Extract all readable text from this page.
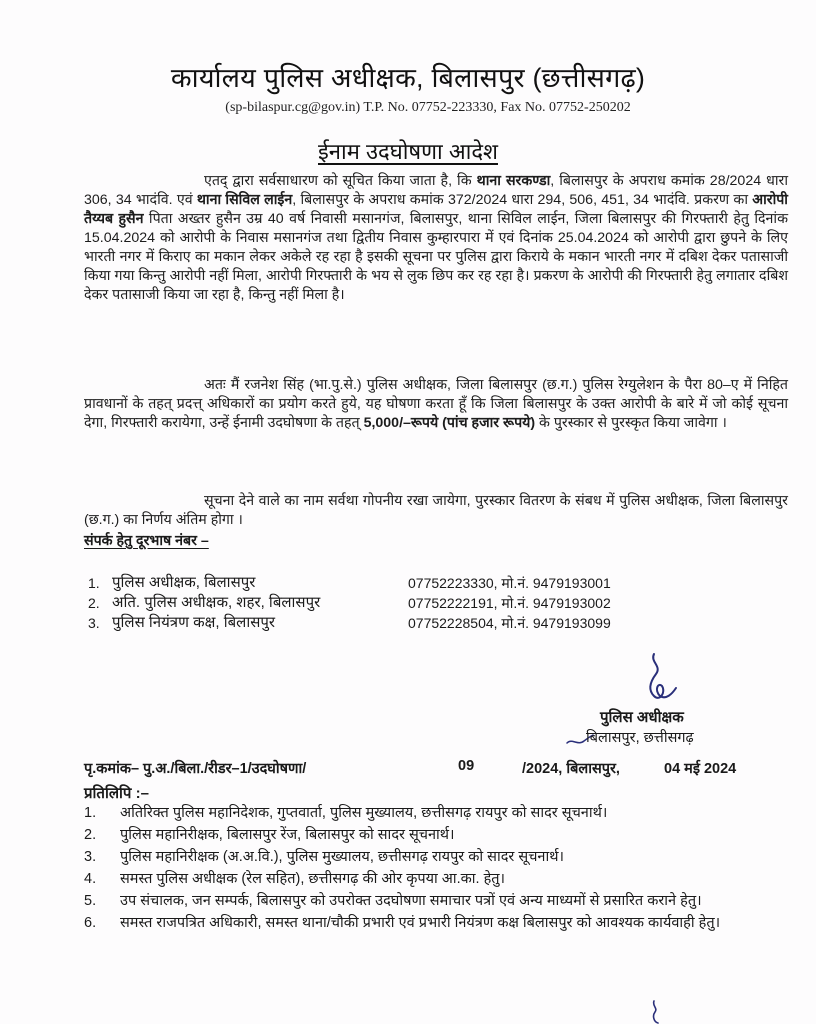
कार्यालय पुलिस अधीक्षक, बिलासपुर (छत्तीसगढ़)
(sp-bilaspur.cg@gov.in) T.P. No. 07752-223330, Fax No. 07752-250202
ईनाम उदघोषणा आदेश
एतद् द्वारा सर्वसाधारण को सूचित किया जाता है, कि थाना सरकण्डा, बिलासपुर के अपराध कमांक 28/2024 धारा 306, 34 भादंवि. एवं थाना सिविल लाईन, बिलासपुर के अपराध कमांक 372/2024 धारा 294, 506, 451, 34 भादंवि. प्रकरण का आरोपी तैय्यब हुसैन पिता अख्तर हुसैन उम्र 40 वर्ष निवासी मसानगंज, बिलासपुर, थाना सिविल लाईन, जिला बिलासपुर की गिरफ्तारी हेतु दिनांक 15.04.2024 को आरोपी के निवास मसानगंज तथा द्वितीय निवास कुम्हारपारा में एवं दिनांक 25.04.2024 को आरोपी द्वारा छुपने के लिए भारती नगर में किराए का मकान लेकर अकेले रह रहा है इसकी सूचना पर पुलिस द्वारा किराये के मकान भारती नगर में दबिश देकर पतासाजी किया गया किन्तु आरोपी नहीं मिला, आरोपी गिरफ्तारी के भय से लुक छिप कर रह रहा है। प्रकरण के आरोपी की गिरफ्तारी हेतु लगातार दबिश देकर पतासाजी किया जा रहा है, किन्तु नहीं मिला है।
अतः मैं रजनेश सिंह (भा.पु.से.) पुलिस अधीक्षक, जिला बिलासपुर (छ.ग.) पुलिस रेग्युलेशन के पैरा 80–ए में निहित प्रावधानों के तहत् प्रदत्त् अधिकारों का प्रयोग करते हुये, यह घोषणा करता हूँ कि जिला बिलासपुर के उक्त आरोपी के बारे में जो कोई सूचना देगा, गिरफ्तारी करायेगा, उन्हें ईनामी उदघोषणा के तहत् 5,000/–रूपये (पांच हजार रूपये) के पुरस्कार से पुरस्कृत किया जावेगा ।
सूचना देने वाले का नाम सर्वथा गोपनीय रखा जायेगा, पुरस्कार वितरण के संबध में पुलिस अधीक्षक, जिला बिलासपुर (छ.ग.) का निर्णय अंतिम होगा ।
संपर्क हेतु दूरभाष नंबर –
1. पुलिस अधीक्षक, बिलासपुर	07752223330, मो.नं. 9479193001
2. अति. पुलिस अधीक्षक, शहर, बिलासपुर	07752222191, मो.नं. 9479193002
3. पुलिस नियंत्रण कक्ष, बिलासपुर	07752228504, मो.नं. 9479193099
पुलिस अधीक्षक
बिलासपुर, छत्तीसगढ़
पृ.कमांक– पु.अ./बिला./रीडर–1/उदघोषणा/	09	/2024, बिलासपुर,	04 मई 2024
प्रतिलिपि :–
1.	अतिरिक्त पुलिस महानिदेशक, गुप्तवार्ता, पुलिस मुख्यालय, छत्तीसगढ़ रायपुर को सादर सूचनार्थ।
2.	पुलिस महानिरीक्षक, बिलासपुर रेंज, बिलासपुर को सादर सूचनार्थ।
3.	पुलिस महानिरीक्षक (अ.अ.वि.), पुलिस मुख्यालय, छत्तीसगढ़ रायपुर को सादर सूचनार्थ।
4.	समस्त पुलिस अधीक्षक (रेल सहित), छत्तीसगढ़ की ओर कृपया आ.का. हेतु।
5.	उप संचालक, जन सम्पर्क, बिलासपुर को उपरोक्त उदघोषणा समाचार पत्रों एवं अन्य माध्यमों से प्रसारित कराने हेतु।
6.	समस्त राजपत्रित अधिकारी, समस्त थाना/चौकी प्रभारी एवं प्रभारी नियंत्रण कक्ष बिलासपुर को आवश्यक कार्यवाही हेतु।
